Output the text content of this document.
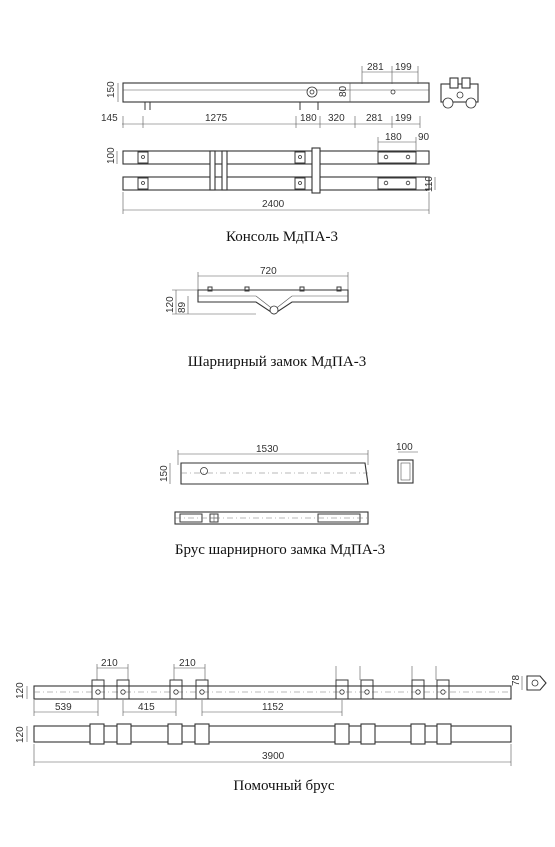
150
281 199
80
145	1275	180 320 281 199
180 90
100
110
2400
Консоль МдПА-3
720
120 89
Шарнирный замок МдПА-3
1530
150
100
Брус шарнирного замка МдПА-3
210	210
120
539	415	1152
78
120
3900
Помочный брус
